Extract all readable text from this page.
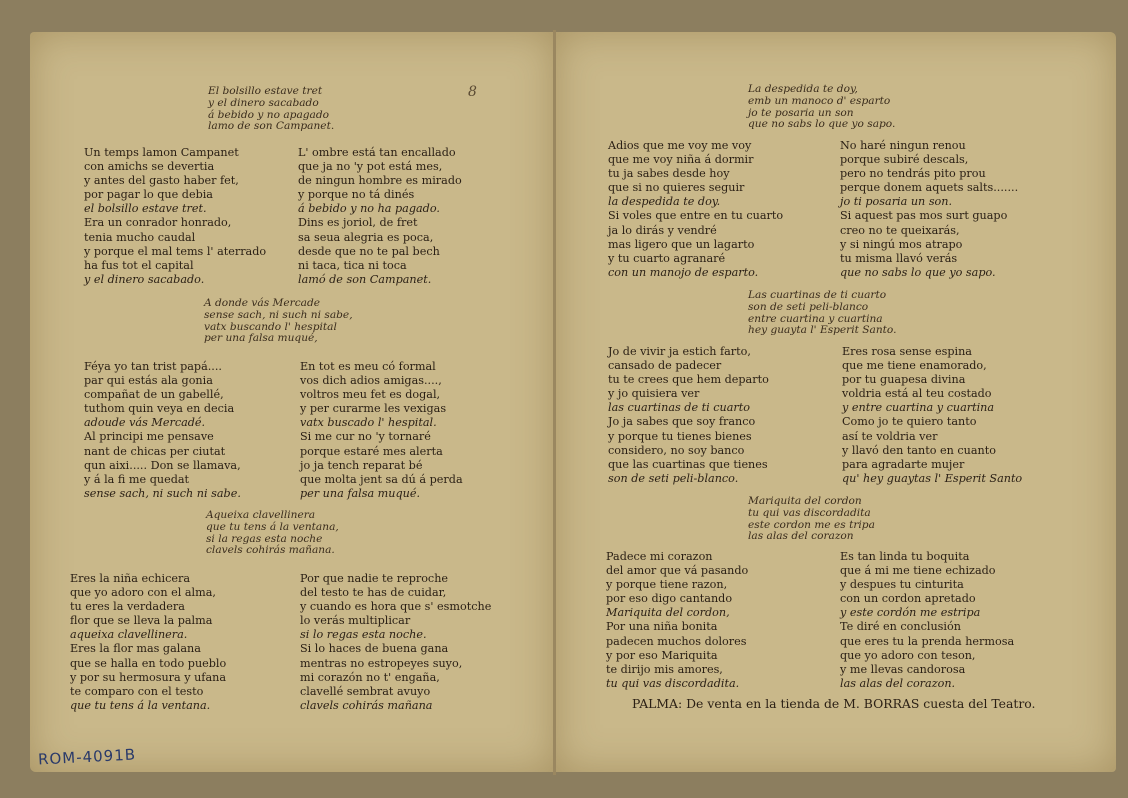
8
El bolsillo estave tret
y el dinero sacabado
á bebido y no apagado
lamo de son Campanet.
Un temps lamon Campanet
con amichs se devertia
y antes del gasto haber fet,
por pagar lo que debia
el bolsillo estave tret.
Era un conrador honrado,
tenia mucho caudal
y porque el mal tems l' aterrado
ha fus tot el capital
y el dinero sacabado.
L' ombre está tan encallado
que ja no 'y pot está mes,
de ningun hombre es mirado
y porque no tá dinés
á bebido y no ha pagado.
Dins es joriol, de fret
sa seua alegria es poca,
desde que no te pal bech
ni taca, tica ni toca
lamó de son Campanet.
A donde vás Mercade
sense sach, ni such ni sabe,
vatx buscando l' hespital
per una falsa muqué,
Féya yo tan trist papá....
par qui estás ala gonia
compañat de un gabellé,
tuthom quin veya en decia
adoude vás Mercadé.
Al principi me pensave
nant de chicas per ciutat
qun aixi..... Don se llamava,
y á la fi me quedat
sense sach, ni such ni sabe.
En tot es meu có formal
vos dich adios amigas....,
voltros meu fet es dogal,
y per curarme les vexigas
vatx buscado l' hespital.
Si me cur no 'y tornaré
porque estaré mes alerta
jo ja tench reparat bé
que molta jent sa dú á perda
per una falsa muqué.
Aqueixa clavellinera
que tu tens á la ventana,
si la regas esta noche
clavels cohirás mañana.
Eres la niña echicera
que yo adoro con el alma,
tu eres la verdadera
flor que se lleva la palma
aqueixa clavellinera.
Eres la flor mas galana
que se halla en todo pueblo
y por su hermosura y ufana
te comparo con el testo
que tu tens á la ventana.
Por que nadie te reproche
del testo te has de cuidar,
y cuando es hora que s' esmotche
lo verás multiplicar
si lo regas esta noche.
Si lo haces de buena gana
mentras no estropeyes suyo,
mi corazón no t' engaña,
clavellé sembrat avuyo
clavels cohirás mañana
La despedida te doy,
emb un manoco d' esparto
jo te posaria un son
que no sabs lo que yo sapo.
Adios que me voy me voy
que me voy niña á dormir
tu ja sabes desde hoy
que si no quieres seguir
la despedida te doy.
Si voles que entre en tu cuarto
ja lo dirás y vendré
mas ligero que un lagarto
y tu cuarto agranaré
con un manojo de esparto.
No haré ningun renou
porque subiré descals,
pero no tendrás pito prou
perque donem aquets salts.......
jo ti posaria un son.
Si aquest pas mos surt guapo
creo no te queixarás,
y si ningú mos atrapo
tu misma llavó verás
que no sabs lo que yo sapo.
Las cuartinas de ti cuarto
son de seti peli-blanco
entre cuartina y cuartina
hey guayta l' Esperit Santo.
Jo de vivir ja estich farto,
cansado de padecer
tu te crees que hem departo
y jo quisiera ver
las cuartinas de ti cuarto
Jo ja sabes que soy franco
y porque tu tienes bienes
considero, no soy banco
que las cuartinas que tienes
son de seti peli-blanco.
Eres rosa sense espina
que me tiene enamorado,
por tu guapesa divina
voldria está al teu costado
y entre cuartina y cuartina
Como jo te quiero tanto
así te voldria ver
y llavó den tanto en cuanto
para agradarte mujer
qu' hey guaytas l' Esperit Santo
Mariquita del cordon
tu qui vas discordadita
este cordon me es tripa
las alas del corazon
Padece mi corazon
del amor que vá pasando
y porque tiene razon,
por eso digo cantando
Mariquita del cordon,
Por una niña bonita
padecen muchos dolores
y por eso Mariquita
te dirijo mis amores,
tu qui vas discordadita.
Es tan linda tu boquita
que á mi me tiene echizado
y despues tu cinturita
con un cordon apretado
y este cordón me estripa
Te diré en conclusión
que eres tu la prenda hermosa
que yo adoro con teson,
y me llevas candorosa
las alas del corazon.
PALMA: De venta en la tienda de M. BORRAS cuesta del Teatro.
ROM-4091B
